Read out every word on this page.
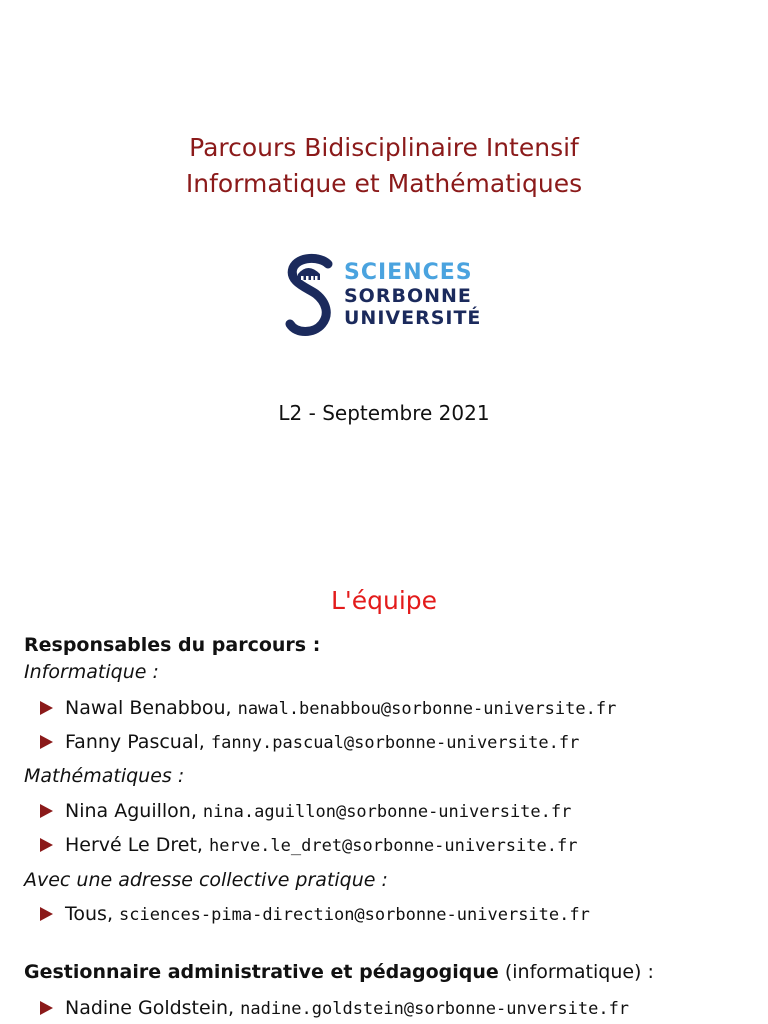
Parcours Bidisciplinaire Intensif
Informatique et Mathématiques
SCIENCES
SORBONNE
UNIVERSITÉ
L2 - Septembre 2021
L'équipe
Responsables du parcours :
Informatique :
Nawal Benabbou, nawal.benabbou@sorbonne-universite.fr
Fanny Pascual, fanny.pascual@sorbonne-universite.fr
Mathématiques :
Nina Aguillon, nina.aguillon@sorbonne-universite.fr
Hervé Le Dret, herve.le_dret@sorbonne-universite.fr
Avec une adresse collective pratique :
Tous, sciences-pima-direction@sorbonne-universite.fr
Gestionnaire administrative et pédagogique (informatique) :
Nadine Goldstein, nadine.goldstein@sorbonne-unversite.fr
